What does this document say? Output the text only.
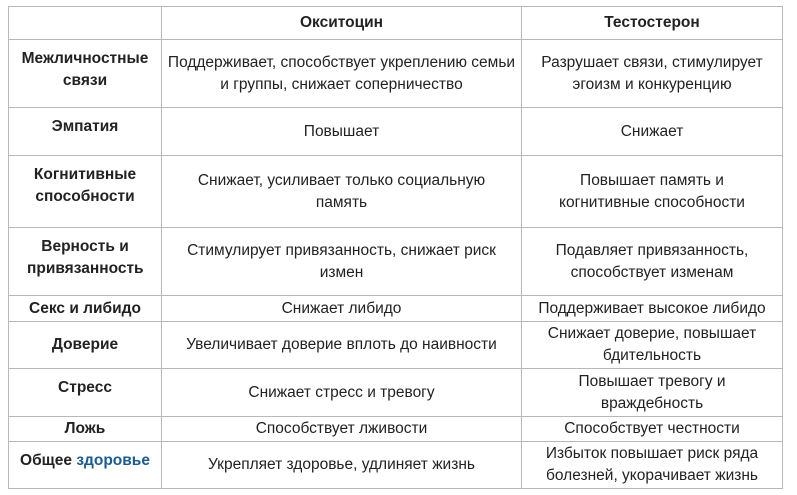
	Окситоцин	Тестостерон
Межличностные связи	Поддерживает, способствует укреплению семьи и группы, снижает соперничество	Разрушает связи, стимулирует эгоизм и конкуренцию
Эмпатия	Повышает	Снижает
Когнитивные способности	Снижает, усиливает только социальную память	Повышает память и когнитивные способности
Верность и привязанность	Стимулирует привязанность, снижает риск измен	Подавляет привязанность, способствует изменам
Секс и либидо	Снижает либидо	Поддерживает высокое либидо
Доверие	Увеличивает доверие вплоть до наивности	Снижает доверие, повышает бдительность
Стресс	Снижает стресс и тревогу	Повышает тревогу и враждебность
Ложь	Способствует лживости	Способствует честности
Общее здоровье	Укрепляет здоровье, удлиняет жизнь	Избыток повышает риск ряда болезней, укорачивает жизнь
